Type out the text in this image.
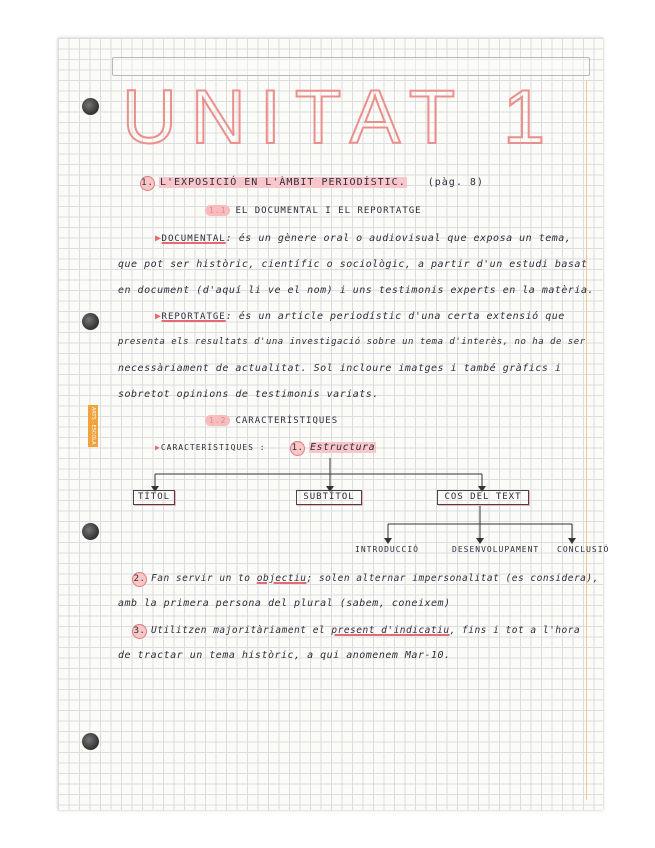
ARTS · ESCOLA
UNITAT 1
1. L'EXPOSICIÓ EN L'ÀMBIT PERIODÍSTIC. (pàg. 8)
1.1 EL DOCUMENTAL I EL REPORTATGE
▶DOCUMENTAL: és un gènere oral o audiovisual que exposa un tema,
que pot ser històric, científic o sociològic, a partir d'un estudi basat
en document (d'aquí li ve el nom) i uns testimonis experts en la matèria.
▶REPORTATGE: és un article periodístic d'una certa extensió que
presenta els resultats d'una investigació sobre un tema d'interès, no ha de ser
necessàriament de actualitat. Sol incloure imatges i també gràfics i
sobretot opinions de testimonis variats.
1.2 CARACTERÍSTIQUES
▶CARACTERÍSTIQUES :	1. Estructura
TÍTOL	SUBTÍTOL	COS DEL TEXT
INTRODUCCIÓ	DESENVOLUPAMENT CONCLUSIÓ
2. Fan servir un to objectiu; solen alternar impersonalitat (es considera),
amb la primera persona del plural (sabem, coneixem)
3. Utilitzen majoritàriament el present d'indicatiu, fins i tot a l'hora
de tractar un tema històric, a qui anomenem Mar-10.
